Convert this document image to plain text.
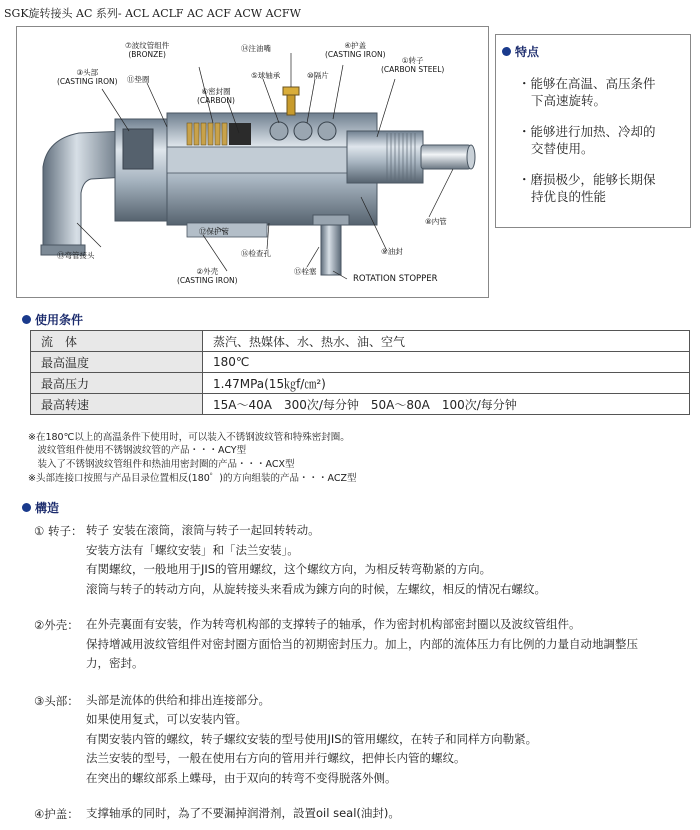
SGK旋转接头 AC 系列- ACL ACLF AC ACF ACW ACFW
⑦波纹管组件
(BRONZE)
⑭注油嘴	④护盖
(CASTING IRON)
①转子
(CARBON STEEL)
③头部
(CASTING IRON) ⑪垫圈	⑤球轴承	⑩隔片
⑥密封圈
(CARBON)
⑧内管
⑫保护管
⑬弯管接头	⑯检查孔	⑨油封
②外壳
(CASTING IRON)
⑮栓塞
ROTATION STOPPER
特点
・能够在高温、高压条件
下高速旋转。
・能够进行加热、冷却的
交替使用。
・磨损极少，能够长期保
持优良的性能
使用条件
流　体	蒸汽、热媒体、水、热水、油、空气
最高温度	180℃
最高压力	1.47MPa(15㎏f/㎝²)
最高转速	15A～40A　300次/每分钟　50A～80A　100次/每分钟
※在180℃以上的高温条件下使用时，可以装入不锈钢波纹管和特殊密封圈。
　波纹管组件使用不锈钢波纹管的产品・・・ACY型
　装入了不锈钢波纹管组件和热油用密封圈的产品・・・ACX型
※头部连接口按照与产品目录位置相反(180゜)的方向组装的产品・・・ACZ型
構造
① 转子： 转子 安装在滚筒，滚筒与转子一起回转转动。
安装方法有「螺纹安装」和「法兰安装」。
有関螺纹，一般地用于JIS的管用螺纹，这个螺纹方向，为相反转弯勒紧的方向。
滚筒与转子的转动方向，从旋转接头来看成为鍊方向的时候，左螺纹，相反的情况右螺纹。
②外壳： 在外壳裏面有安装，作为转弯机构部的支撑转子的轴承，作为密封机构部密封圈以及波纹管组件。
保持增减用波纹管组件对密封圈方面恰当的初期密封压力。加上，内部的流体压力有比例的力量自动地調整压
力，密封。
③头部： 头部是流体的供给和排出连接部分。
如果使用复式，可以安装内管。
有関安装内管的螺纹，转子螺纹安装的型号使用JIS的管用螺纹，在转子和同样方向勒紧。
法兰安装的型号，一般在使用右方向的管用并行螺纹，把伸长内管的螺纹。
在突出的螺纹部系上蝶母，由于双向的转弯不变得脱落外侧。
④护盖： 支撑轴承的同时，為了不要漏掉润滑剂，設置oil seal(油封)。
